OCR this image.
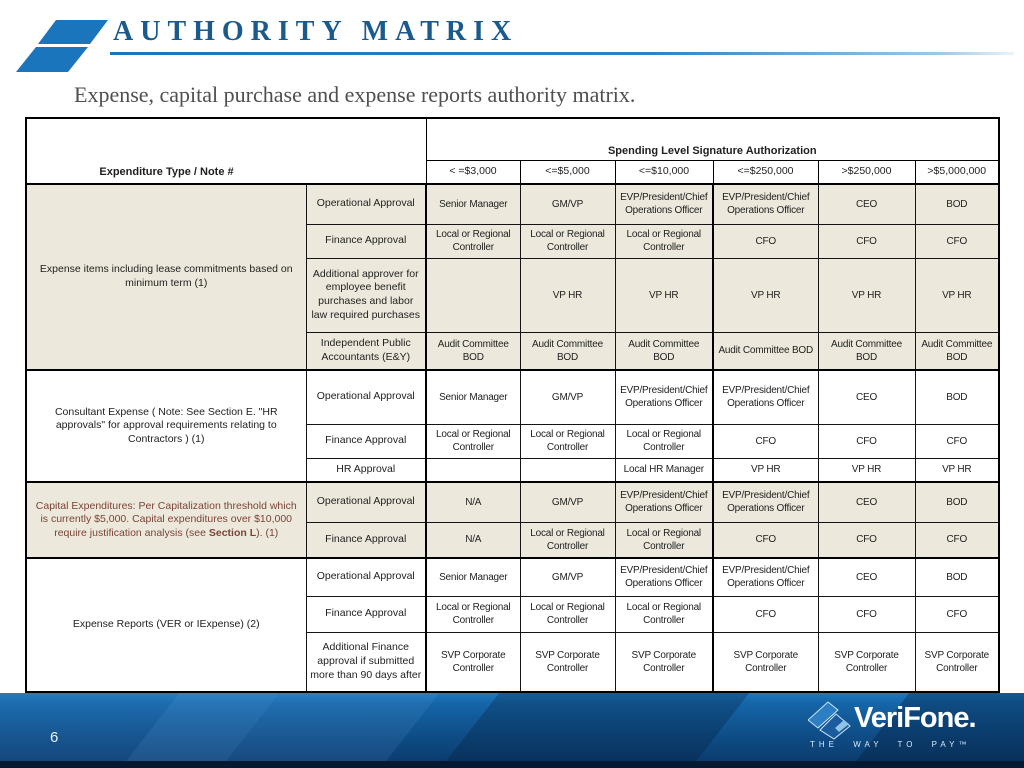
AUTHORITY MATRIX
Expense, capital purchase and expense reports authority matrix.
Expenditure Type / Note #		Spending Level Signature Authorization					
		< =$3,000	<=$5,000	<=$10,000	<=$250,000	>$250,000	>$5,000,000
Expense items including lease commitments based on minimum term (1)	Operational Approval	Senior Manager	GM/VP	EVP/President/Chief Operations Officer	EVP/President/Chief Operations Officer	CEO	BOD
	Finance Approval	Local or Regional Controller	Local or Regional Controller	Local or Regional Controller	CFO	CFO	CFO
	Additional approver for employee benefit purchases and labor law required purchases		VP HR	VP HR	VP HR	VP HR	VP HR
	Independent Public Accountants (E&Y)	Audit Committee BOD	Audit Committee BOD	Audit Committee BOD	Audit Committee BOD	Audit Committee BOD	Audit Committee BOD
Consultant Expense ( Note: See Section E. "HR approvals" for approval requirements relating to Contractors ) (1)	Operational Approval	Senior Manager	GM/VP	EVP/President/Chief Operations Officer	EVP/President/Chief Operations Officer	CEO	BOD
	Finance Approval	Local or Regional Controller	Local or Regional Controller	Local or Regional Controller	CFO	CFO	CFO
	HR Approval			Local HR Manager	VP HR	VP HR	VP HR
Capital Expenditures: Per Capitalization threshold which is currently $5,000. Capital expenditures over $10,000 require justification analysis (see Section L). (1)	Operational Approval	N/A	GM/VP	EVP/President/Chief Operations Officer	EVP/President/Chief Operations Officer	CEO	BOD
	Finance Approval	N/A	Local or Regional Controller	Local or Regional Controller	CFO	CFO	CFO
Expense Reports (VER or IExpense) (2)	Operational Approval	Senior Manager	GM/VP	EVP/President/Chief Operations Officer	EVP/President/Chief Operations Officer	CEO	BOD
	Finance Approval	Local or Regional Controller	Local or Regional Controller	Local or Regional Controller	CFO	CFO	CFO
	Additional Finance approval if submitted more than 90 days after	SVP Corporate Controller	SVP Corporate Controller	SVP Corporate Controller	SVP Corporate Controller	SVP Corporate Controller	SVP Corporate Controller
6
VeriFone.
THE WAY TO PAY™
